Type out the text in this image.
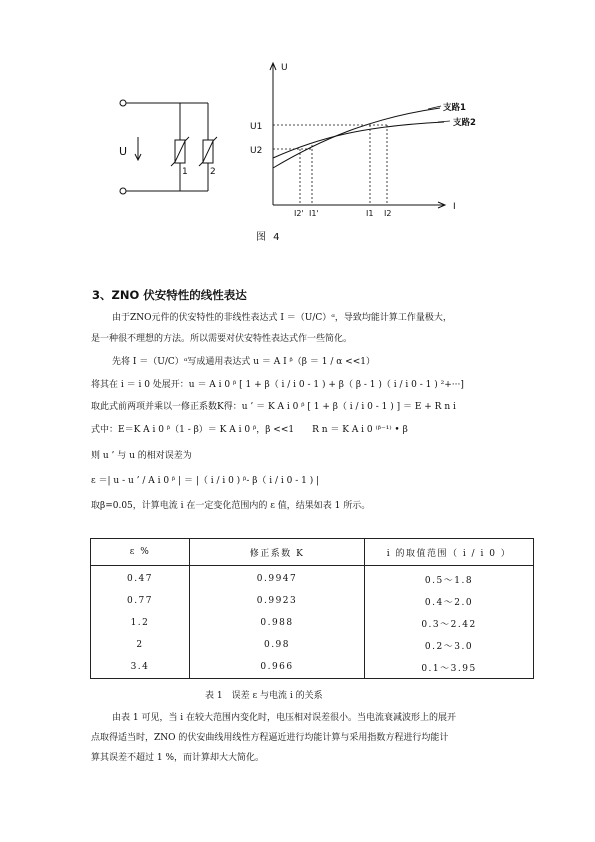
U
1 2
U
I
U1
U2
I2' I1'	I1 I2
支路1
支路2
图 4
3、ZNO 伏安特性的线性表达
由于ZNO元件的伏安特性的非线性表达式 I ＝（U/C）ᵅ，导致均能计算工作量极大，
是一种很不理想的方法。所以需要对伏安特性表达式作一些简化。
先将 I ＝（U/C）ᵅ写成通用表达式 u ＝ A I ᵝ（β ＝ 1 / α <<1）
将其在 i ＝ i 0 处展开：u ＝ A i 0 ᵝ [ 1 + β（ i / i 0 - 1 ) + β（ β - 1 )（ i / i 0 - 1 ) ²+···]
取此式前两项并乘以一修正系数K得：u ’ ＝ K A i 0 ᵝ [ 1 + β（ i / i 0 - 1 ) ] ＝ E + R n i
式中：E＝K A i 0 ᵝ（1 - β）＝ K A i 0 ᵝ，β <<1　　R n ＝ K A i 0 ⁽ᵝ⁻¹⁾ • β
则 u ’ 与 u 的相对误差为
ε ＝| u - u ’ / A i 0 ᵝ | ＝ |（ i / i 0 ) ᵝ- β（ i / i 0 - 1 ) |
取β=0.05，计算电流 i 在一定变化范围内的 ε 值，结果如表 1 所示。
ε %	修正系数 K	i 的取值范围（ i / i 0 ）
0.47	0.9947	0.5～1.8
0.77	0.9923	0.4～2.0
1.2	0.988	0.3～2.42
2	0.98	0.2～3.0
3.4	0.966	0.1～3.95
表 1　误差 ε 与电流 i 的关系
由表 1 可见，当 i 在较大范围内变化时，电压相对误差很小。当电流衰减波形上的展开
点取得适当时，ZNO 的伏安曲线用线性方程逼近进行均能计算与采用指数方程进行均能计
算其误差不超过 1 %，而计算却大大简化。
